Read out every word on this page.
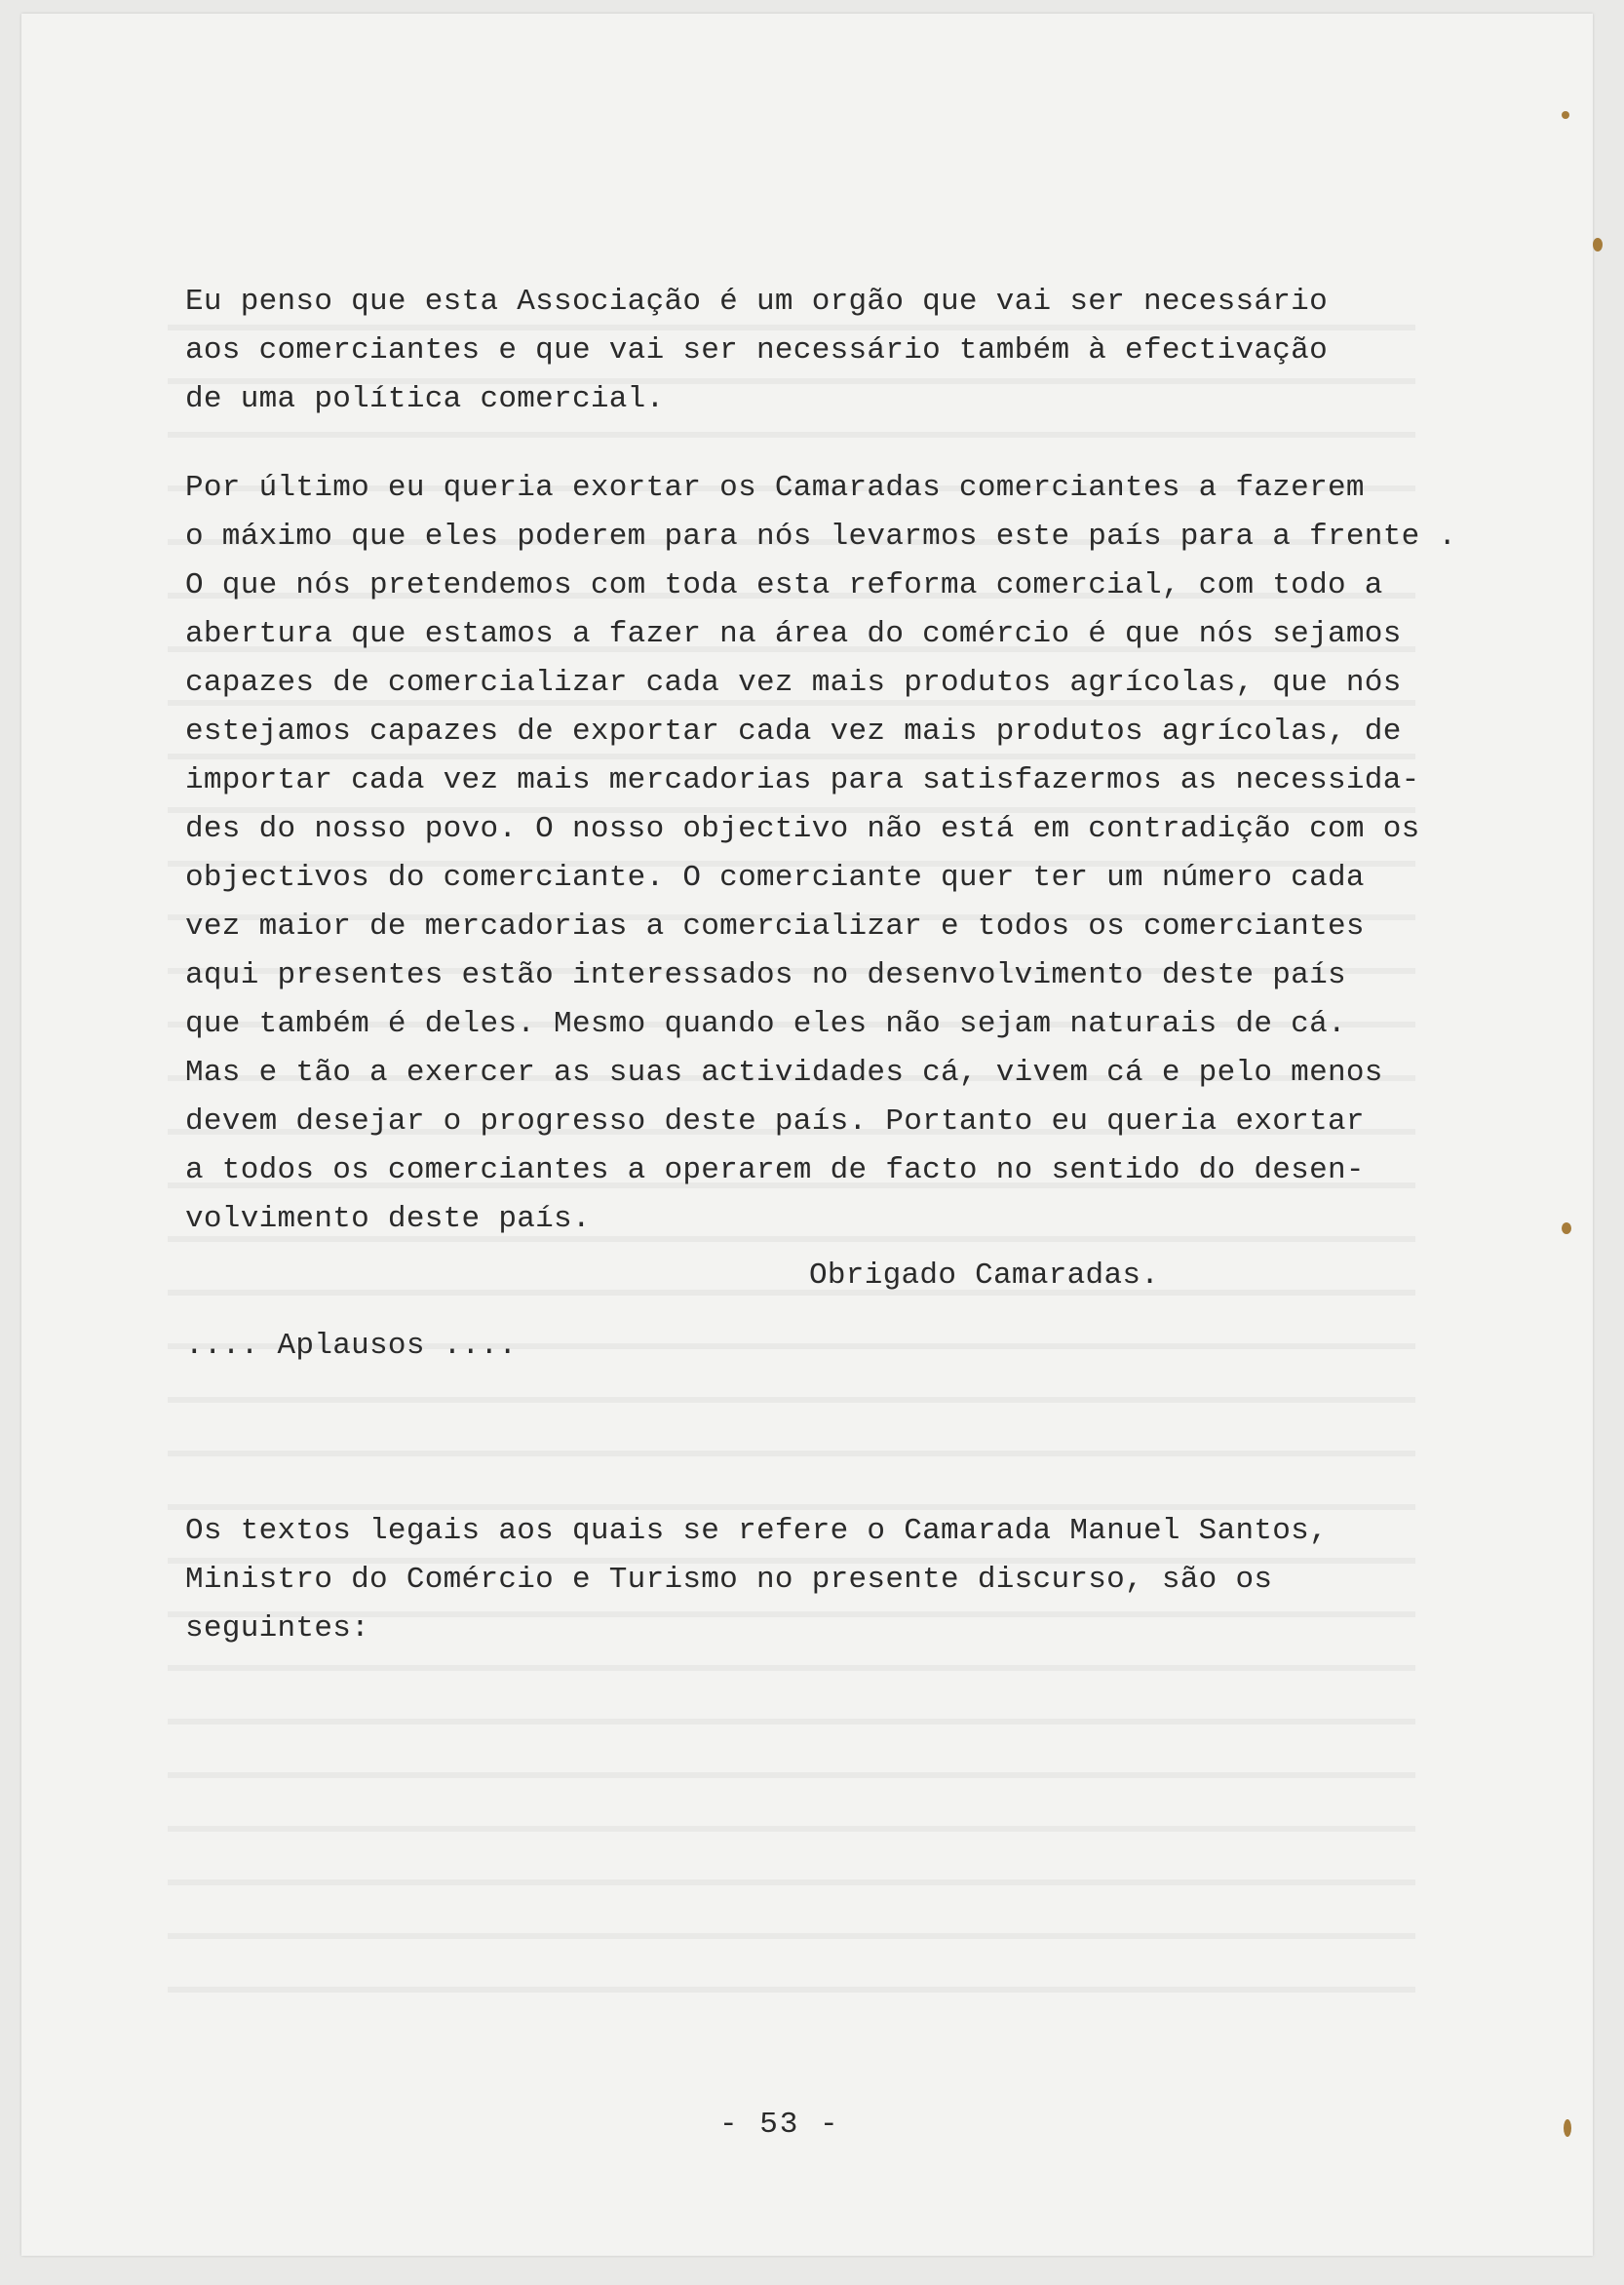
Eu penso que esta Associação é um orgão que vai ser necessário
aos comerciantes e que vai ser necessário também à efectivação
de uma política comercial.
Por último eu queria exortar os Camaradas comerciantes a fazerem
o máximo que eles poderem para nós levarmos este país para a frente .
O que nós pretendemos com toda esta reforma comercial, com todo a
abertura que estamos a fazer na área do comércio é que nós sejamos
capazes de comercializar cada vez mais produtos agrícolas, que nós
estejamos capazes de exportar cada vez mais produtos agrícolas, de
importar cada vez mais mercadorias para satisfazermos as necessida-
des do nosso povo. O nosso objectivo não está em contradição com os
objectivos do comerciante. O comerciante quer ter um número cada
vez maior de mercadorias a comercializar e todos os comerciantes
aqui presentes estão interessados no desenvolvimento deste país
que também é deles. Mesmo quando eles não sejam naturais de cá.
Mas e tão a exercer as suas actividades cá, vivem cá e pelo menos
devem desejar o progresso deste país. Portanto eu queria exortar
a todos os comerciantes a operarem de facto no sentido do desen-
volvimento deste país.
Obrigado Camaradas.
.... Aplausos ....
Os textos legais aos quais se refere o Camarada Manuel Santos,
Ministro do Comércio e Turismo no presente discurso, são os
seguintes:
- 53 -
